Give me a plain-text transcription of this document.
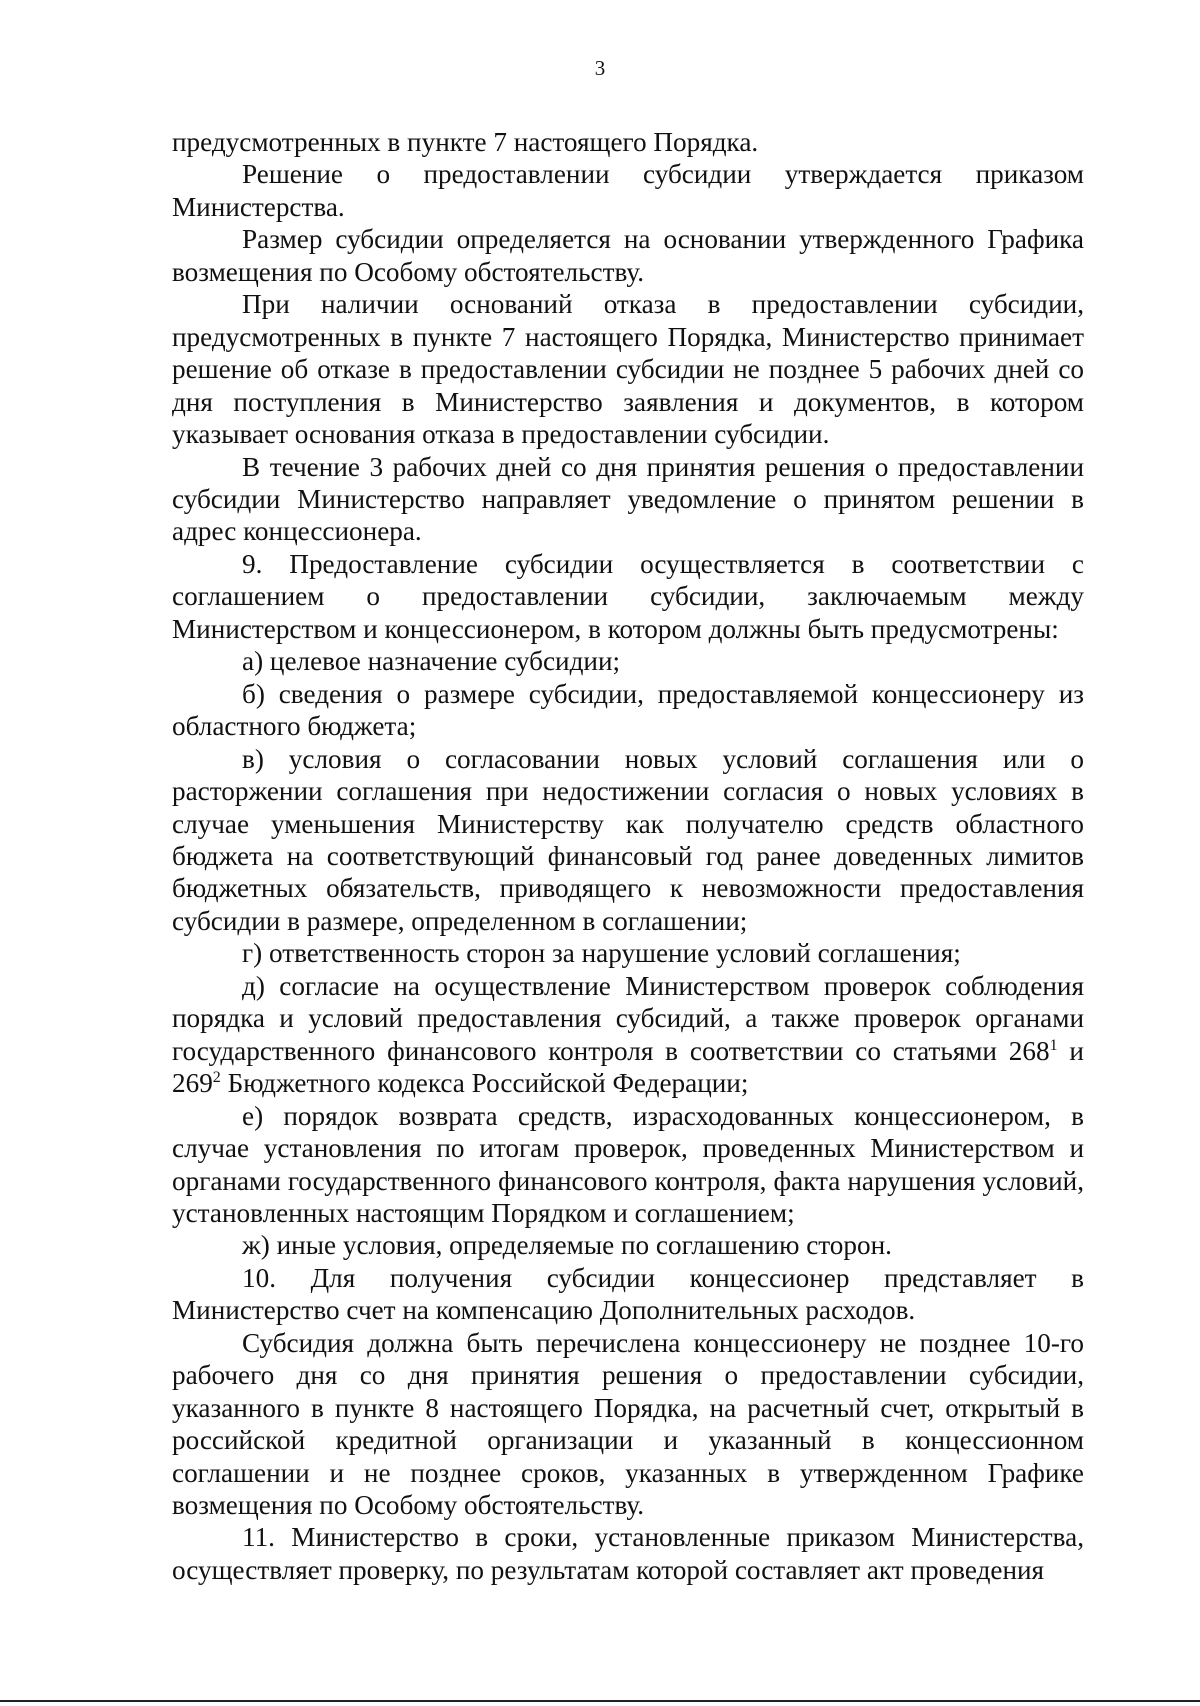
3

предусмотренных в пункте 7 настоящего Порядка.

Решение о предоставлении субсидии утверждается приказом Министерства.

Размер субсидии определяется на основании утвержденного Графика возмещения по Особому обстоятельству.

При наличии оснований отказа в предоставлении субсидии, предусмотренных в пункте 7 настоящего Порядка, Министерство принимает решение об отказе в предоставлении субсидии не позднее 5 рабочих дней со дня поступления в Министерство заявления и документов, в котором указывает основания отказа в предоставлении субсидии.

В течение 3 рабочих дней со дня принятия решения о предоставлении субсидии Министерство направляет уведомление о принятом решении в адрес концессионера.

9. Предоставление субсидии осуществляется в соответствии с соглашением о предоставлении субсидии, заключаемым между Министерством и концессионером, в котором должны быть предусмотрены:

а) целевое назначение субсидии;

б) сведения о размере субсидии, предоставляемой концессионеру из областного бюджета;

в) условия о согласовании новых условий соглашения или о расторжении соглашения при недостижении согласия о новых условиях в случае уменьшения Министерству как получателю средств областного бюджета на соответствующий финансовый год ранее доведенных лимитов бюджетных обязательств, приводящего к невозможности предоставления субсидии в размере, определенном в соглашении;

г) ответственность сторон за нарушение условий соглашения;

д) согласие на осуществление Министерством проверок соблюдения порядка и условий предоставления субсидий, а также проверок органами государственного финансового контроля в соответствии со статьями $268^1$ и $269^2$ Бюджетного кодекса Российской Федерации;

е) порядок возврата средств, израсходованных концессионером, в случае установления по итогам проверок, проведенных Министерством и органами государственного финансового контроля, факта нарушения условий, установленных настоящим Порядком и соглашением;

ж) иные условия, определяемые по соглашению сторон.

10. Для получения субсидии концессионер представляет в Министерство счет на компенсацию Дополнительных расходов.

Субсидия должна быть перечислена концессионеру не позднее 10-го рабочего дня со дня принятия решения о предоставлении субсидии, указанного в пункте 8 настоящего Порядка, на расчетный счет, открытый в российской кредитной организации и указанный в концессионном соглашении и не позднее сроков, указанных в утвержденном Графике возмещения по Особому обстоятельству.

11. Министерство в сроки, установленные приказом Министерства, осуществляет проверку, по результатам которой составляет акт проведения
